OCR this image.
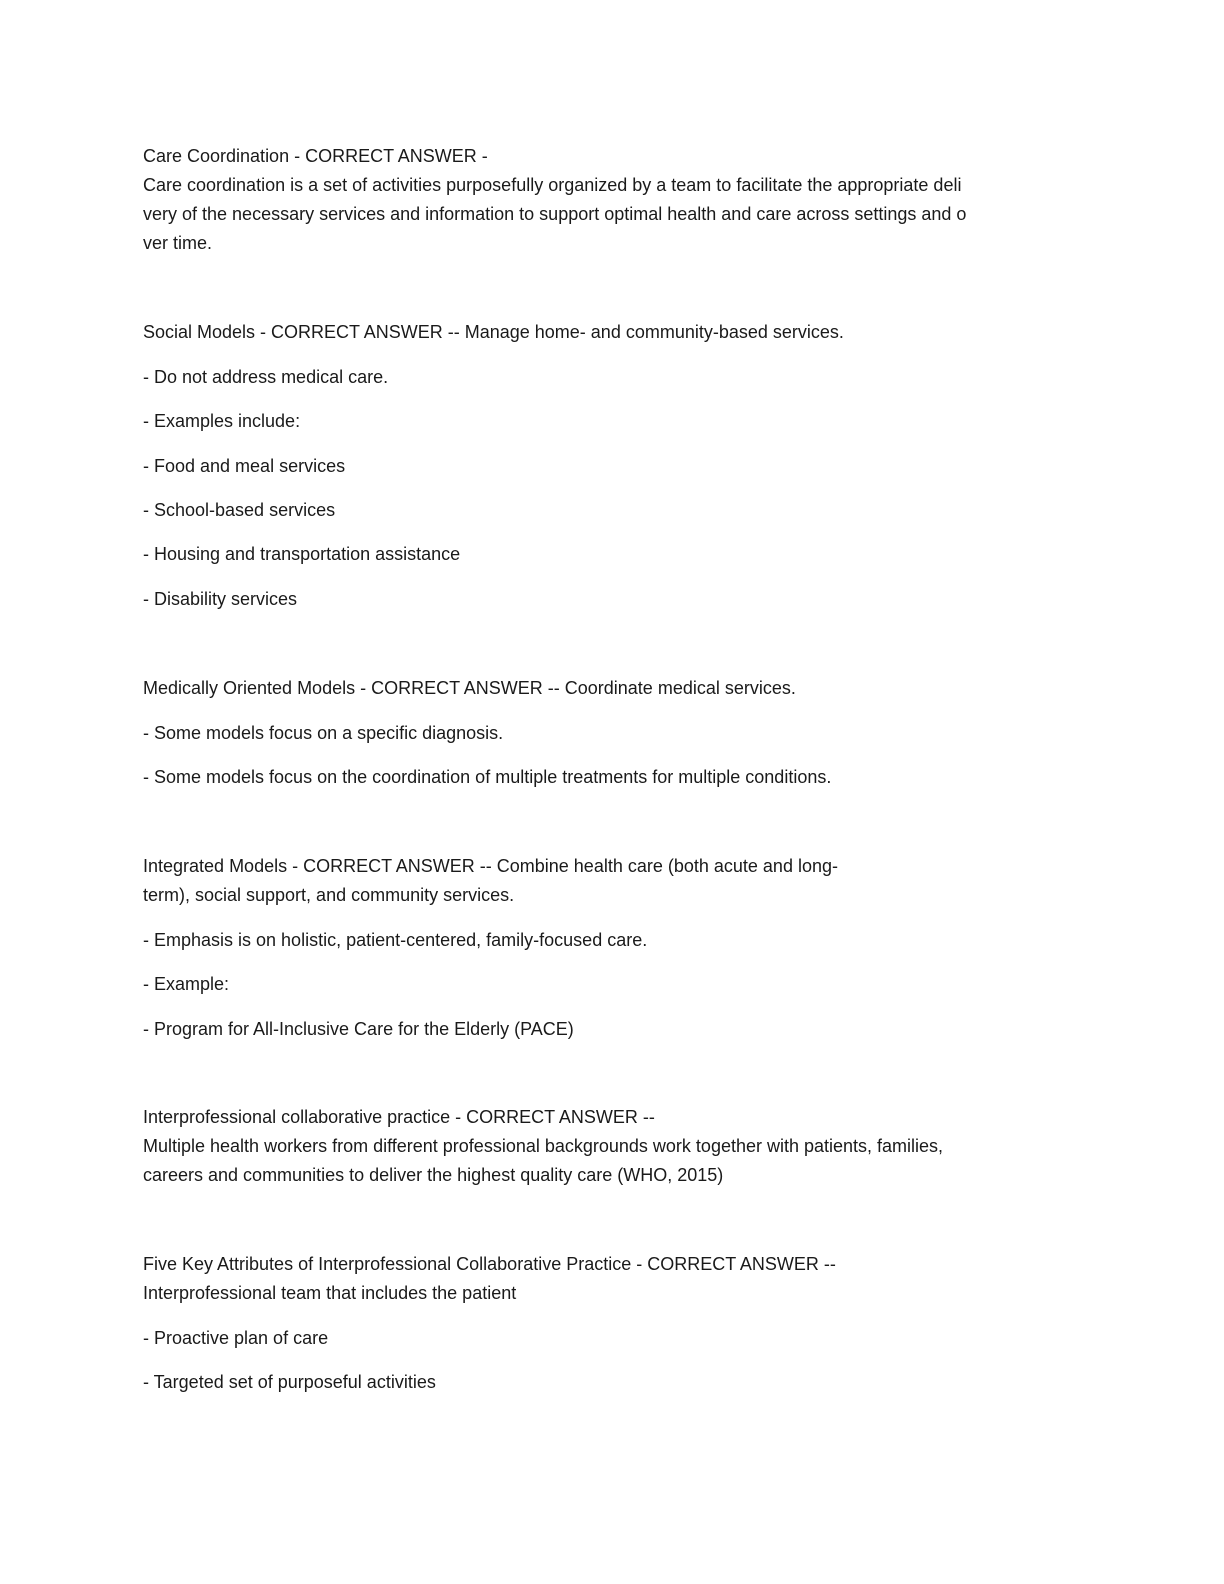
Care Coordination - CORRECT ANSWER -
Care coordination is a set of activities purposefully organized by a team to facilitate the appropriate deli
very of the necessary services and information to support optimal health and care across settings and o
ver time.
Social Models - CORRECT ANSWER -- Manage home- and community-based services.
- Do not address medical care.
- Examples include:
- Food and meal services
- School-based services
- Housing and transportation assistance
- Disability services
Medically Oriented Models - CORRECT ANSWER -- Coordinate medical services.
- Some models focus on a specific diagnosis.
- Some models focus on the coordination of multiple treatments for multiple conditions.
Integrated Models - CORRECT ANSWER -- Combine health care (both acute and long-
term), social support, and community services.
- Emphasis is on holistic, patient-centered, family-focused care.
- Example:
- Program for All-Inclusive Care for the Elderly (PACE)
Interprofessional collaborative practice - CORRECT ANSWER --
Multiple health workers from different professional backgrounds work together with patients, families,
careers and communities to deliver the highest quality care (WHO, 2015)
Five Key Attributes of Interprofessional Collaborative Practice - CORRECT ANSWER --
Interprofessional team that includes the patient
- Proactive plan of care
- Targeted set of purposeful activities
